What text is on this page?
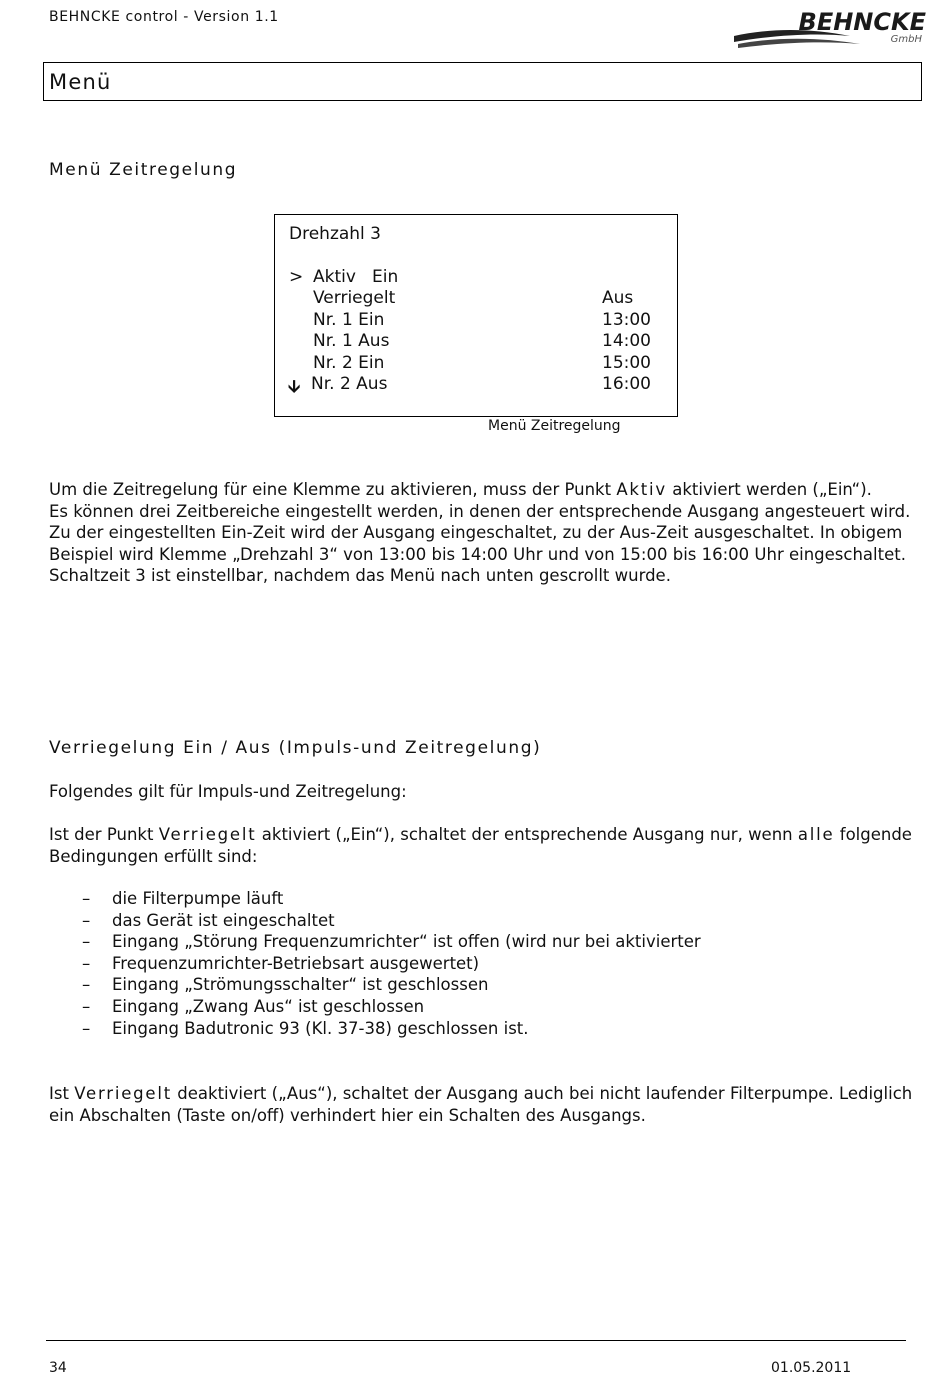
BEHNCKE control - Version 1.1	BEHNCKE
GmbH
Menü
Menü Zeitregelung
Drehzahl 3
> Aktiv Ein
Verriegelt	Aus
Nr. 1 Ein	13:00
Nr. 1 Aus	14:00
Nr. 2 Ein	15:00
🡫 Nr. 2 Aus	16:00
Menü Zeitregelung

Um die Zeitregelung für eine Klemme zu aktivieren, muss der Punkt Aktiv aktiviert werden („Ein“).

Es können drei Zeitbereiche eingestellt werden, in denen der entsprechende Ausgang angesteuert wird. Zu der eingestellten Ein-Zeit wird der Ausgang eingeschaltet, zu der Aus-Zeit ausgeschaltet. In obigem Beispiel wird Klemme „Drehzahl 3“ von 13:00 bis 14:00 Uhr und von 15:00 bis 16:00 Uhr eingeschaltet. Schaltzeit 3 ist einstellbar, nachdem das Menü nach unten gescrollt wurde.

Verriegelung Ein / Aus (Impuls-und Zeitregelung)
Folgendes gilt für Impuls-und Zeitregelung:

Ist der Punkt Verriegelt aktiviert („Ein“), schaltet der entsprechende Ausgang nur, wenn alle folgende Bedingungen erfüllt sind:

–	die Filterpumpe läuft
–	das Gerät ist eingeschaltet
–	Eingang „Störung Frequenzumrichter“ ist offen (wird nur bei aktivierter
–	Frequenzumrichter-Betriebsart ausgewertet)
–	Eingang „Strömungsschalter“ ist geschlossen
–	Eingang „Zwang Aus“ ist geschlossen
–	Eingang Badutronic 93 (Kl. 37-38) geschlossen ist.

Ist Verriegelt deaktiviert („Aus“), schaltet der Ausgang auch bei nicht laufender Filterpumpe. Lediglich ein Abschalten (Taste on/off) verhindert hier ein Schalten des Ausgangs.

34	01.05.2011
